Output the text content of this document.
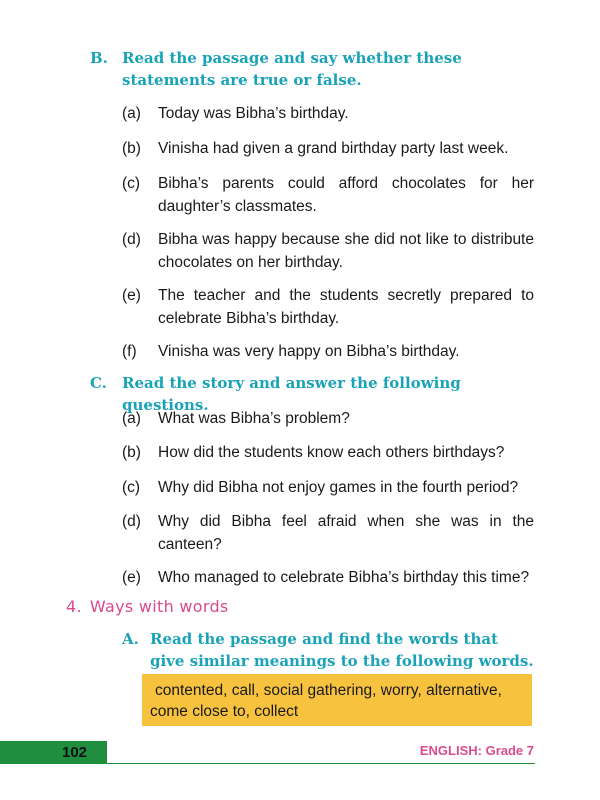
B. Read the passage and say whether these statements are true or false.
(a)	Today was Bibha’s birthday.
(b)	Vinisha had given a grand birthday party last week.
(c)	Bibha’s parents could afford chocolates for her daughter’s classmates.
(d)	Bibha was happy because she did not like to distribute chocolates on her birthday.
(e)	The teacher and the students secretly prepared to celebrate Bibha’s birthday.
(f)	Vinisha was very happy on Bibha’s birthday.
C.	Read the story and answer the following questions.
(a)	What was Bibha’s problem?
(b)	How did the students know each others birthdays?
(c)	Why did Bibha not enjoy games in the fourth period?
(d)	Why did Bibha feel afraid when she was in the canteen?
(e)	Who managed to celebrate Bibha’s birthday this time?
4. Ways with words
A. Read the passage and find the words that give similar meanings to the following words.
contented, call, social gathering, worry, alternative,
come close to, collect
102	ENGLISH: Grade 7
